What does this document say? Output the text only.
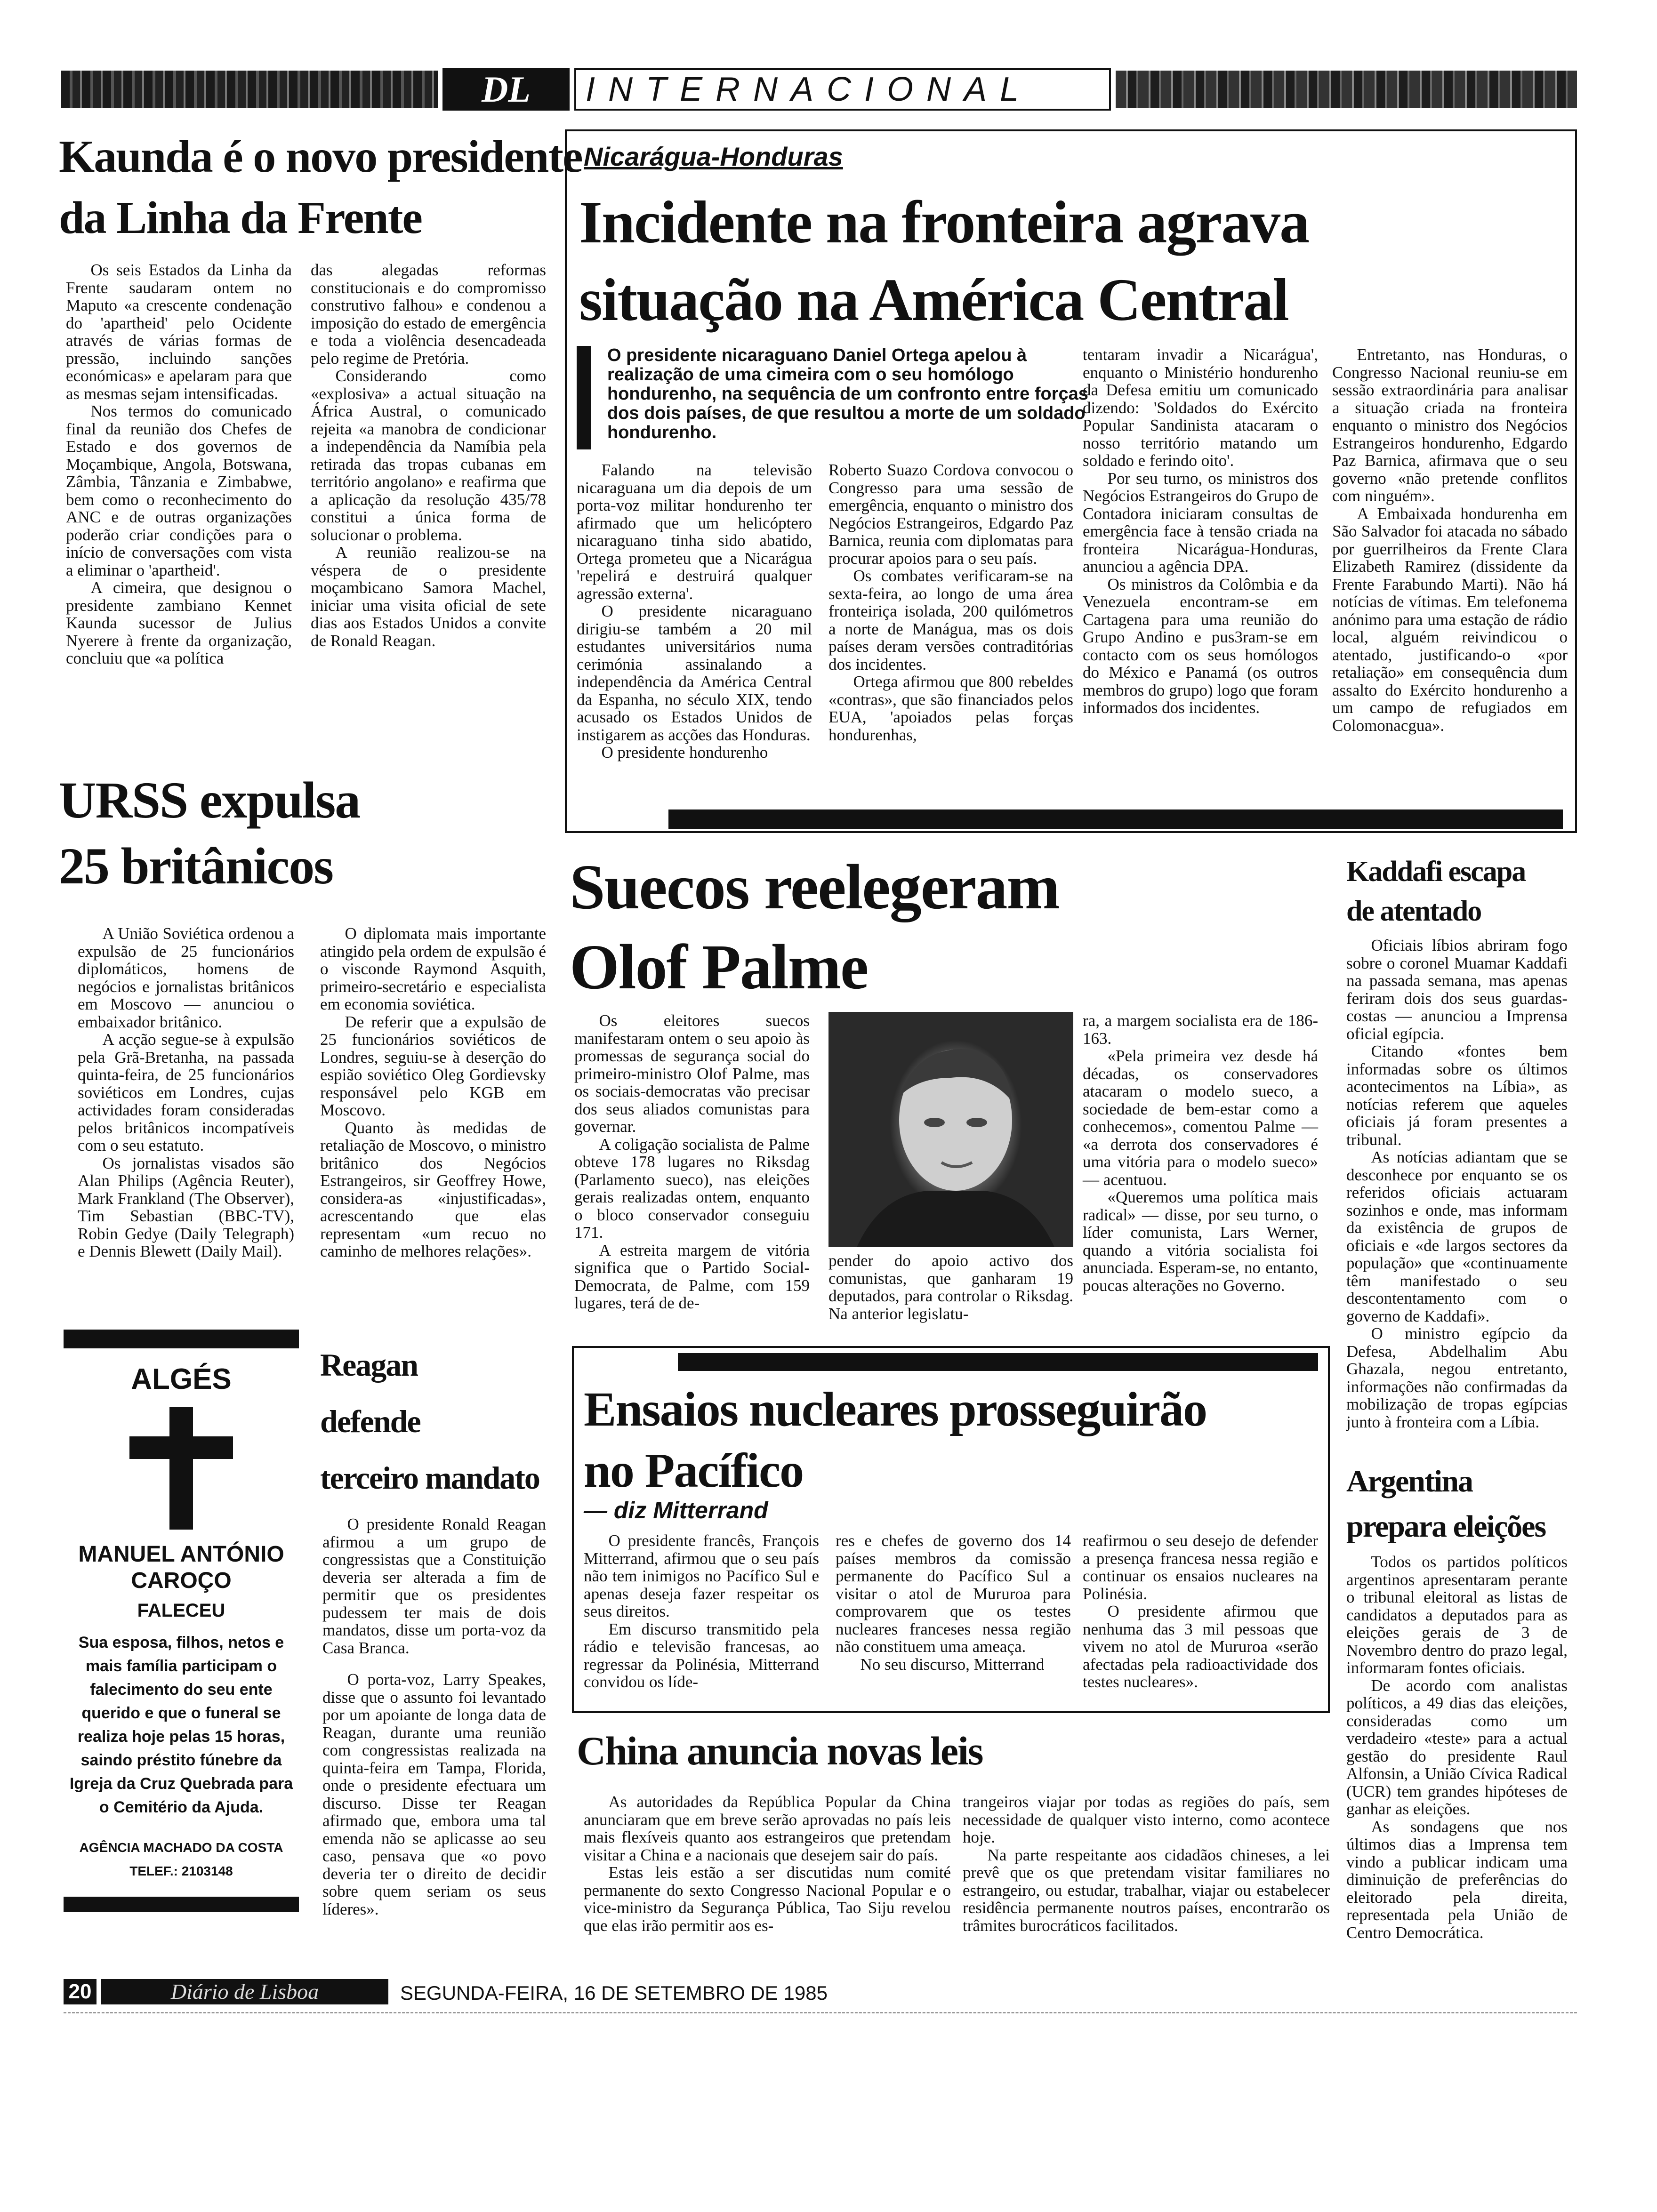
DL	INTERNACIONAL
Kaunda é o novo presidente
da Linha da Frente

Os seis Estados da Linha da Frente saudaram ontem no Maputo «a crescente condenação do 'apartheid' pelo Ocidente através de várias formas de pressão, incluindo sanções económicas» e apelaram para que as mesmas sejam intensificadas.

Nos termos do comunicado final da reunião dos Chefes de Estado e dos governos de Moçambique, Angola, Botswana, Zâmbia, Tânzania e Zimbabwe, bem como o reconhecimento do ANC e de outras organizações poderão criar condições para o início de conversações com vista a eliminar o 'apartheid'.

A cimeira, que designou o presidente zambiano Kennet Kaunda sucessor de Julius Nyerere à frente da organização, concluiu que «a política

das alegadas reformas constitucionais e do compromisso construtivo falhou» e condenou a imposição do estado de emergência e toda a violência desencadeada pelo regime de Pretória.

Considerando como «explosiva» a actual situação na África Austral, o comunicado rejeita «a manobra de condicionar a independência da Namíbia pela retirada das tropas cubanas em território angolano» e reafirma que a aplicação da resolução 435/78 constitui a única forma de solucionar o problema.

A reunião realizou-se na véspera de o presidente moçambicano Samora Machel, iniciar uma visita oficial de sete dias aos Estados Unidos a convite de Ronald Reagan.

Nicarágua-Honduras
Incidente na fronteira agrava
situação na América Central
O presidente nicaraguano Daniel Ortega apelou à realização de uma cimeira com o seu homólogo hondurenho, na sequência de um confronto entre forças dos dois países, de que resultou a morte de um soldado hondurenho.

Falando na televisão nicaraguana um dia depois de um porta-voz militar hondurenho ter afirmado que um helicóptero nicaraguano tinha sido abatido, Ortega prometeu que a Nicarágua 'repelirá e destruirá qualquer agressão externa'.

O presidente nicaraguano dirigiu-se também a 20 mil estudantes universitários numa cerimónia assinalando a independência da América Central da Espanha, no século XIX, tendo acusado os Estados Unidos de instigarem as acções das Honduras.

O presidente hondurenho

Roberto Suazo Cordova convocou o Congresso para uma sessão de emergência, enquanto o ministro dos Negócios Estrangeiros, Edgardo Paz Barnica, reunia com diplomatas para procurar apoios para o seu país.

Os combates verificaram-se na sexta-feira, ao longo de uma área fronteiriça isolada, 200 quilómetros a norte de Manágua, mas os dois países deram versões contraditórias dos incidentes.

Ortega afirmou que 800 rebeldes «contras», que são financiados pelos EUA, 'apoiados pelas forças hondurenhas,

tentaram invadir a Nicarágua', enquanto o Ministério hondurenho da Defesa emitiu um comunicado dizendo: 'Soldados do Exército Popular Sandinista atacaram o nosso território matando um soldado e ferindo oito'.

Por seu turno, os ministros dos Negócios Estrangeiros do Grupo de Contadora iniciaram consultas de emergência face à tensão criada na fronteira Nicarágua-Honduras, anunciou a agência DPA.

Os ministros da Colômbia e da Venezuela encontram-se em Cartagena para uma reunião do Grupo Andino e pus3ram-se em contacto com os seus homólogos do México e Panamá (os outros membros do grupo) logo que foram informados dos incidentes.

Entretanto, nas Honduras, o Congresso Nacional reuniu-se em sessão extraordinária para analisar a situação criada na fronteira enquanto o ministro dos Negócios Estrangeiros hondurenho, Edgardo Paz Barnica, afirmava que o seu governo «não pretende conflitos com ninguém».

A Embaixada hondurenha em São Salvador foi atacada no sábado por guerrilheiros da Frente Clara Elizabeth Ramirez (dissidente da Frente Farabundo Marti). Não há notícias de vítimas. Em telefonema anónimo para uma estação de rádio local, alguém reivindicou o atentado, justificando-o «por retaliação» em consequência dum assalto do Exército hondurenho a um campo de refugiados em Colomonacgua».

URSS expulsa
25 britânicos

A União Soviética ordenou a expulsão de 25 funcionários diplomáticos, homens de negócios e jornalistas britânicos em Moscovo — anunciou o embaixador britânico.

A acção segue-se à expulsão pela Grã-Bretanha, na passada quinta-feira, de 25 funcionários soviéticos em Londres, cujas actividades foram consideradas pelos britânicos incompatíveis com o seu estatuto.

Os jornalistas visados são Alan Philips (Agência Reuter), Mark Frankland (The Observer), Tim Sebastian (BBC-TV), Robin Gedye (Daily Telegraph) e Dennis Blewett (Daily Mail).

O diplomata mais importante atingido pela ordem de expulsão é o visconde Raymond Asquith, primeiro-secretário e especialista em economia soviética.

De referir que a expulsão de 25 funcionários soviéticos de Londres, seguiu-se à deserção do espião soviético Oleg Gordievsky responsável pelo KGB em Moscovo.

Quanto às medidas de retaliação de Moscovo, o ministro britânico dos Negócios Estrangeiros, sir Geoffrey Howe, considera-as «injustificadas», acrescentando que elas representam «um recuo no caminho de melhores relações».

Suecos reelegeram
Olof Palme

Os eleitores suecos manifestaram ontem o seu apoio às promessas de segurança social do primeiro-ministro Olof Palme, mas os sociais-democratas vão precisar dos seus aliados comunistas para governar.

A coligação socialista de Palme obteve 178 lugares no Riksdag (Parlamento sueco), nas eleições gerais realizadas ontem, enquanto o bloco conservador conseguiu 171.

A estreita margem de vitória significa que o Partido Social-Democrata, de Palme, com 159 lugares, terá de de-

pender do apoio activo dos comunistas, que ganharam 19 deputados, para controlar o Riksdag. Na anterior legislatu-

ra, a margem socialista era de 186-163.

«Pela primeira vez desde há décadas, os conservadores atacaram o modelo sueco, a sociedade de bem-estar como a conhecemos», comentou Palme — «a derrota dos conservadores é uma vitória para o modelo sueco» — acentuou.

«Queremos uma política mais radical» — disse, por seu turno, o líder comunista, Lars Werner, quando a vitória socialista foi anunciada. Esperam-se, no entanto, poucas alterações no Governo.

Kaddafi escapa
de atentado

Oficiais líbios abriram fogo sobre o coronel Muamar Kaddafi na passada semana, mas apenas feriram dois dos seus guardas-costas — anunciou a Imprensa oficial egípcia.

Citando «fontes bem informadas sobre os últimos acontecimentos na Líbia», as notícias referem que aqueles oficiais já foram presentes a tribunal.

As notícias adiantam que se desconhece por enquanto se os referidos oficiais actuaram sozinhos e onde, mas informam da existência de grupos de oficiais e «de largos sectores da população» que «continuamente têm manifestado o seu descontentamento com o governo de Kaddafi».

O ministro egípcio da Defesa, Abdelhalim Abu Ghazala, negou entretanto, informações não confirmadas da mobilização de tropas egípcias junto à fronteira com a Líbia.

Argentina
prepara eleições

Todos os partidos políticos argentinos apresentaram perante o tribunal eleitoral as listas de candidatos a deputados para as eleições gerais de 3 de Novembro dentro do prazo legal, informaram fontes oficiais.

De acordo com analistas políticos, a 49 dias das eleições, consideradas como um verdadeiro «teste» para a actual gestão do presidente Raul Alfonsin, a União Cívica Radical (UCR) tem grandes hipóteses de ganhar as eleições.

As sondagens que nos últimos dias a Imprensa tem vindo a publicar indicam uma diminuição de preferências do eleitorado pela direita, representada pela União de Centro Democrática.

ALGÉS
MANUEL ANTÓNIO
CAROÇO
FALECEU
Sua esposa, filhos, netos e mais família participam o falecimento do seu ente querido e que o funeral se realiza hoje pelas 15 horas, saindo préstito fúnebre da Igreja da Cruz Quebrada para o Cemitério da Ajuda.
AGÊNCIA MACHADO DA COSTA
TELEF.: 2103148
Reagan
defende
terceiro mandato

O presidente Ronald Reagan afirmou a um grupo de congressistas que a Constituição deveria ser alterada a fim de permitir que os presidentes pudessem ter mais de dois mandatos, disse um porta-voz da Casa Branca.

O porta-voz, Larry Speakes, disse que o assunto foi levantado por um apoiante de longa data de Reagan, durante uma reunião com congressistas realizada na quinta-feira em Tampa, Florida, onde o presidente efectuara um discurso. Disse ter Reagan afirmado que, embora uma tal emenda não se aplicasse ao seu caso, pensava que «o povo deveria ter o direito de decidir sobre quem seriam os seus líderes».

Ensaios nucleares prosseguirão
no Pacífico
— diz Mitterrand

O presidente francês, François Mitterrand, afirmou que o seu país não tem inimigos no Pacífico Sul e apenas deseja fazer respeitar os seus direitos.

Em discurso transmitido pela rádio e televisão francesas, ao regressar da Polinésia, Mitterrand convidou os líde-

res e chefes de governo dos 14 países membros da comissão permanente do Pacífico Sul a visitar o atol de Mururoa para comprovarem que os testes nucleares franceses nessa região não constituem uma ameaça.

No seu discurso, Mitterrand

reafirmou o seu desejo de defender a presença francesa nessa região e continuar os ensaios nucleares na Polinésia.

O presidente afirmou que nenhuma das 3 mil pessoas que vivem no atol de Mururoa «serão afectadas pela radioactividade dos testes nucleares».

China anuncia novas leis

As autoridades da República Popular da China anunciaram que em breve serão aprovadas no país leis mais flexíveis quanto aos estrangeiros que pretendam visitar a China e a nacionais que desejem sair do país.

Estas leis estão a ser discutidas num comité permanente do sexto Congresso Nacional Popular e o vice-ministro da Segurança Pública, Tao Siju revelou que elas irão permitir aos es-

trangeiros viajar por todas as regiões do país, sem necessidade de qualquer visto interno, como acontece hoje.

Na parte respeitante aos cidadãos chineses, a lei prevê que os que pretendam visitar familiares no estrangeiro, ou estudar, trabalhar, viajar ou estabelecer residência permanente noutros países, encontrarão os trâmites burocráticos facilitados.

20	Diário de Lisboa	SEGUNDA-FEIRA, 16 DE SETEMBRO DE 1985
